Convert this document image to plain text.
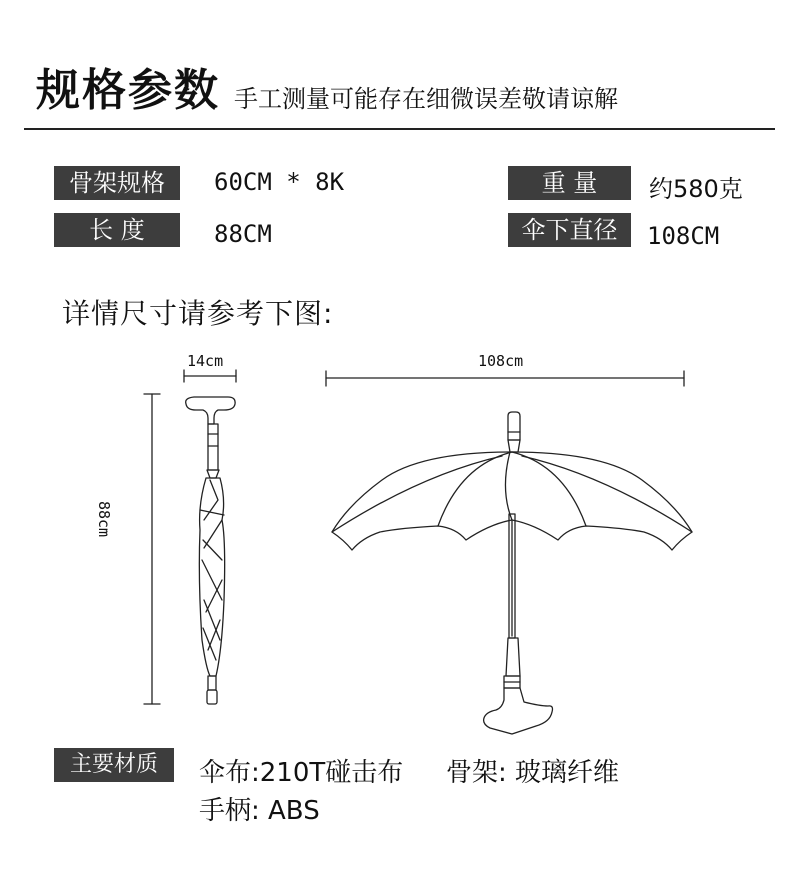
规格参数 手工测量可能存在细微误差敬请谅解
骨架规格	60CM * 8K
长 度	88CM
重 量	约580克
伞下直径	108CM
详情尺寸请参考下图:
14cm	108cm
88cm
主要材质	伞布:210T碰击布 骨架: 玻璃纤维
手柄: ABS
